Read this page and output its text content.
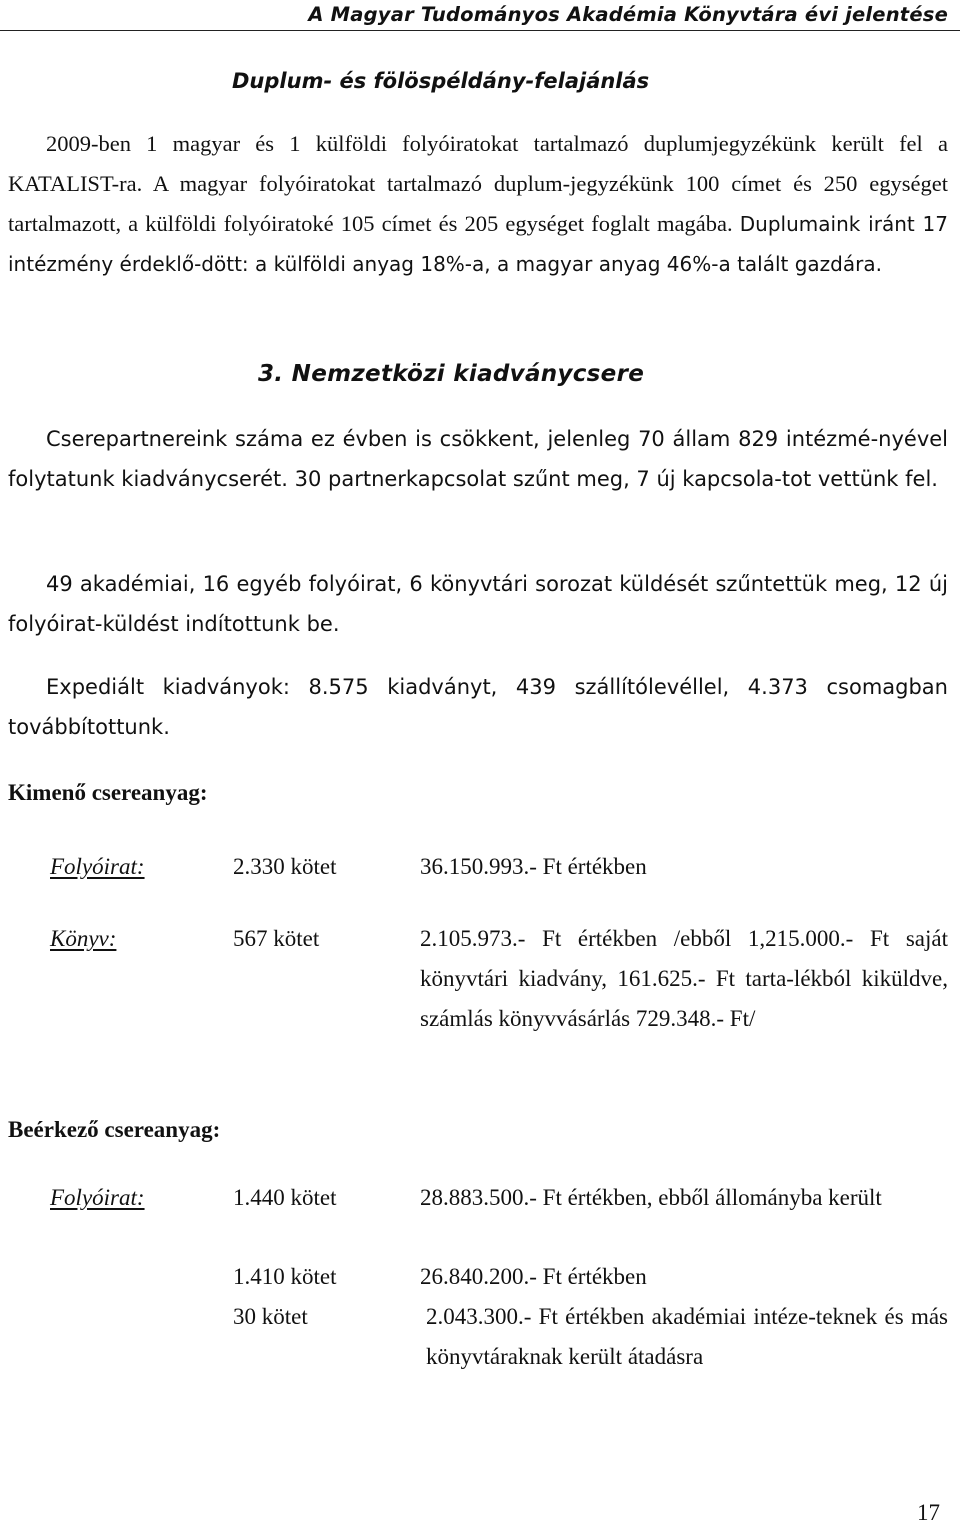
A Magyar Tudományos Akadémia Könyvtára évi jelentése
Duplum- és fölöspéldány-felajánlás

2009-ben 1 magyar és 1 külföldi folyóiratokat tartalmazó duplumjegyzékünk került fel a KATALIST-ra. A magyar folyóiratokat tartalmazó duplum-jegyzékünk 100 címet és 250 egységet tartalmazott, a külföldi folyóiratoké 105 címet és 205 egységet foglalt magába. Duplumaink iránt 17 intézmény érdeklő-dött: a külföldi anyag 18%-a, a magyar anyag 46%-a talált gazdára.

3. Nemzetközi kiadványcsere

Cserepartnereink száma ez évben is csökkent, jelenleg 70 állam 829 intézmé-nyével folytatunk kiadványcserét. 30 partnerkapcsolat szűnt meg, 7 új kapcsola-tot vettünk fel.

49 akadémiai, 16 egyéb folyóirat, 6 könyvtári sorozat küldését szűntettük meg, 12 új folyóirat-küldést indítottunk be.

Expediált kiadványok: 8.575 kiadványt, 439 szállítólevéllel, 4.373 csomagban továbbítottunk.

Kimenő csereanyag:
Folyóirat:	2.330 kötet	36.150.993.- Ft értékben
Könyv:	567 kötet	2.105.973.- Ft értékben /ebből 1,215.000.- Ft saját könyvtári kiadvány, 161.625.- Ft tarta-lékból kiküldve, számlás könyvvásárlás 729.348.- Ft/
Beérkező csereanyag:
Folyóirat:	1.440 kötet	28.883.500.- Ft értékben, ebből állományba került
1.410 kötet	26.840.200.- Ft értékben
30 kötet	2.043.300.- Ft értékben akadémiai intéze-teknek és más könyvtáraknak került átadásra
17
